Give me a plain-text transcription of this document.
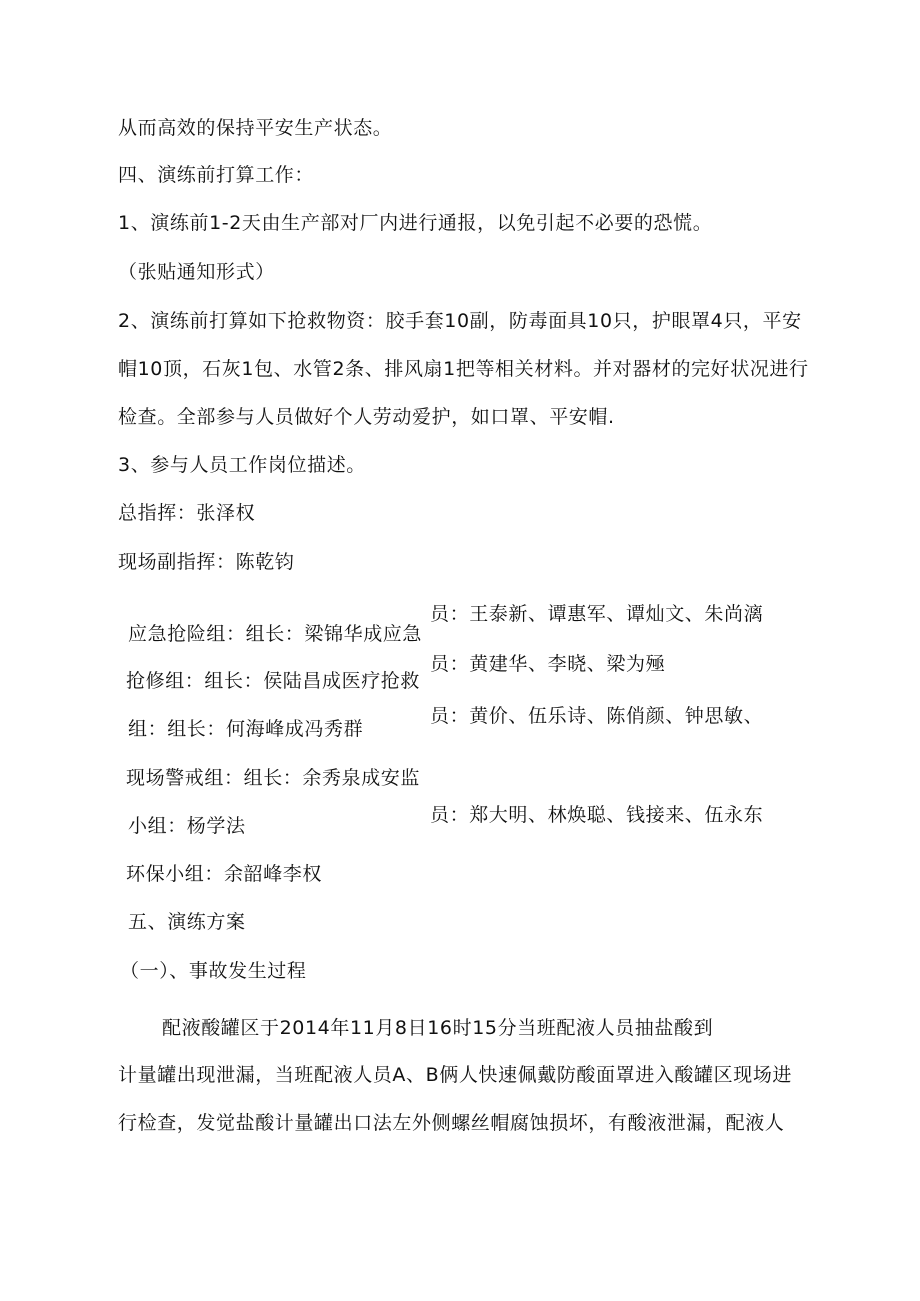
从而高效的保持平安生产状态。

四、演练前打算工作：

1、演练前1-2天由生产部对厂内进行通报，以免引起不必要的恐慌。

（张贴通知形式）

2、演练前打算如下抢救物资：胶手套10副，防毒面具10只，护眼罩4只，平安

帽10顶，石灰1包、水管2条、排风扇1把等相关材料。并对器材的完好状况进行

检查。全部参与人员做好个人劳动爱护，如口罩、平安帽.

3、参与人员工作岗位描述。

总指挥：张泽权

现场副指挥：陈乾钧

应急抢险组：组长：梁锦华成应急

抢修组：组长：侯陆昌成医疗抢救

组：组长：何海峰成冯秀群

现场警戒组：组长：余秀泉成安监

小组：杨学法

环保小组：余韶峰李权

员：王泰新、谭惠军、谭灿文、朱尚漓

员：黄建华、李晓、梁为殛

员：黄价、伍乐诗、陈俏颜、钟思敏、

员：郑大明、林焕聪、钱接来、伍永东

五、演练方案

（一）、事故发生过程

配液酸罐区于2014年11月8日16时15分当班配液人员抽盐酸到

计量罐出现泄漏，当班配液人员A、B俩人快速佩戴防酸面罩进入酸罐区现场进

行检查，发觉盐酸计量罐出口法左外侧螺丝帽腐蚀损坏，有酸液泄漏，配液人
